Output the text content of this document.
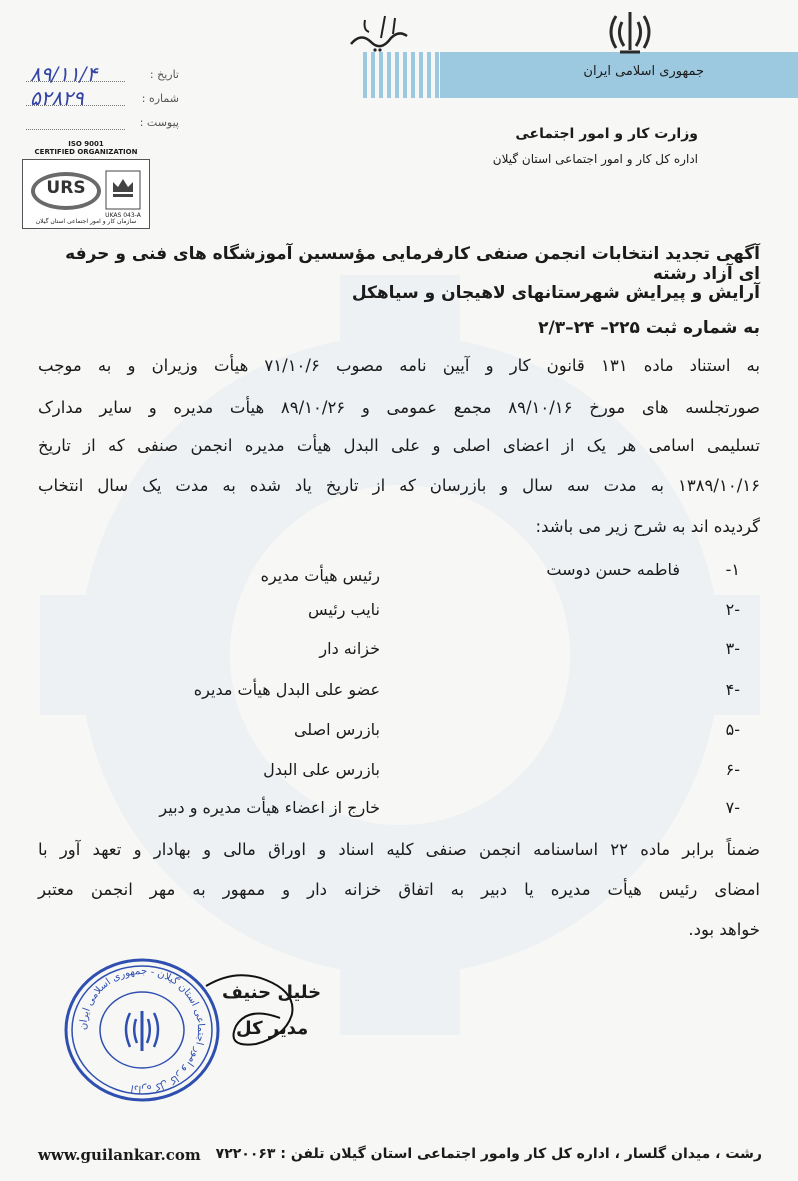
جمهوری اسلامی ایران
وزارت کار و امور اجتماعی
اداره کل کار و امور اجتماعی استان گیلان
۸۹/۱۱/۴	تاریخ :
۵۲۸۲۹	شماره :
پیوست :
ISO 9001
CERTIFIED ORGANIZATION
URS
UKAS 043-A
سازمان کار و امور اجتماعی استان گیلان
آگهی تجدید انتخابات انجمن صنفی کارفرمایی مؤسسین آموزشگاه های فنی و حرفه ای آزاد رشته
آرایش و پیرایش شهرستانهای لاهیجان و سیاهکل
به شماره ثبت ۲۲۵– ۲۴–۲/۳
به استناد ماده ۱۳۱ قانون کار و آیین نامه مصوب ۷۱/۱۰/۶ هیأت وزیران و به موجب
صورتجلسه های مورخ ۸۹/۱۰/۱۶ مجمع عمومی و ۸۹/۱۰/۲۶ هیأت مدیره و سایر مدارک
تسلیمی اسامی هر یک از اعضای اصلی و علی البدل هیأت مدیره انجمن صنفی که از تاریخ
۱۳۸۹/۱۰/۱۶ به مدت سه سال و بازرسان که از تاریخ یاد شده به مدت یک سال انتخاب
گردیده اند به شرح زیر می باشد:
۱-
فاطمه حسن دوست
رئیس هیأت مدیره
-۲
نایب رئیس
-۳
خزانه دار
-۴
عضو علی البدل هیأت مدیره
-۵
بازرس اصلی
-۶
بازرس علی البدل
-۷
خارج از اعضاء هیأت مدیره و دبیر
ضمناً برابر ماده ۲۲ اساسنامه انجمن صنفی کلیه اسناد و اوراق مالی و بهادار و تعهد آور با
امضای رئیس هیأت مدیره یا دبیر به اتفاق خزانه دار و ممهور به مهر انجمن معتبر
خواهد بود.
اداره کل کار و امور اجتماعی استان گیلان - جمهوری اسلامی ایران
خلیل حنیف
مدیر کل
www.guilankar.com رشت ، میدان گلسار ، اداره کل کار وامور اجتماعی استان گیلان تلفن : ۷۲۲۰۰۶۳
